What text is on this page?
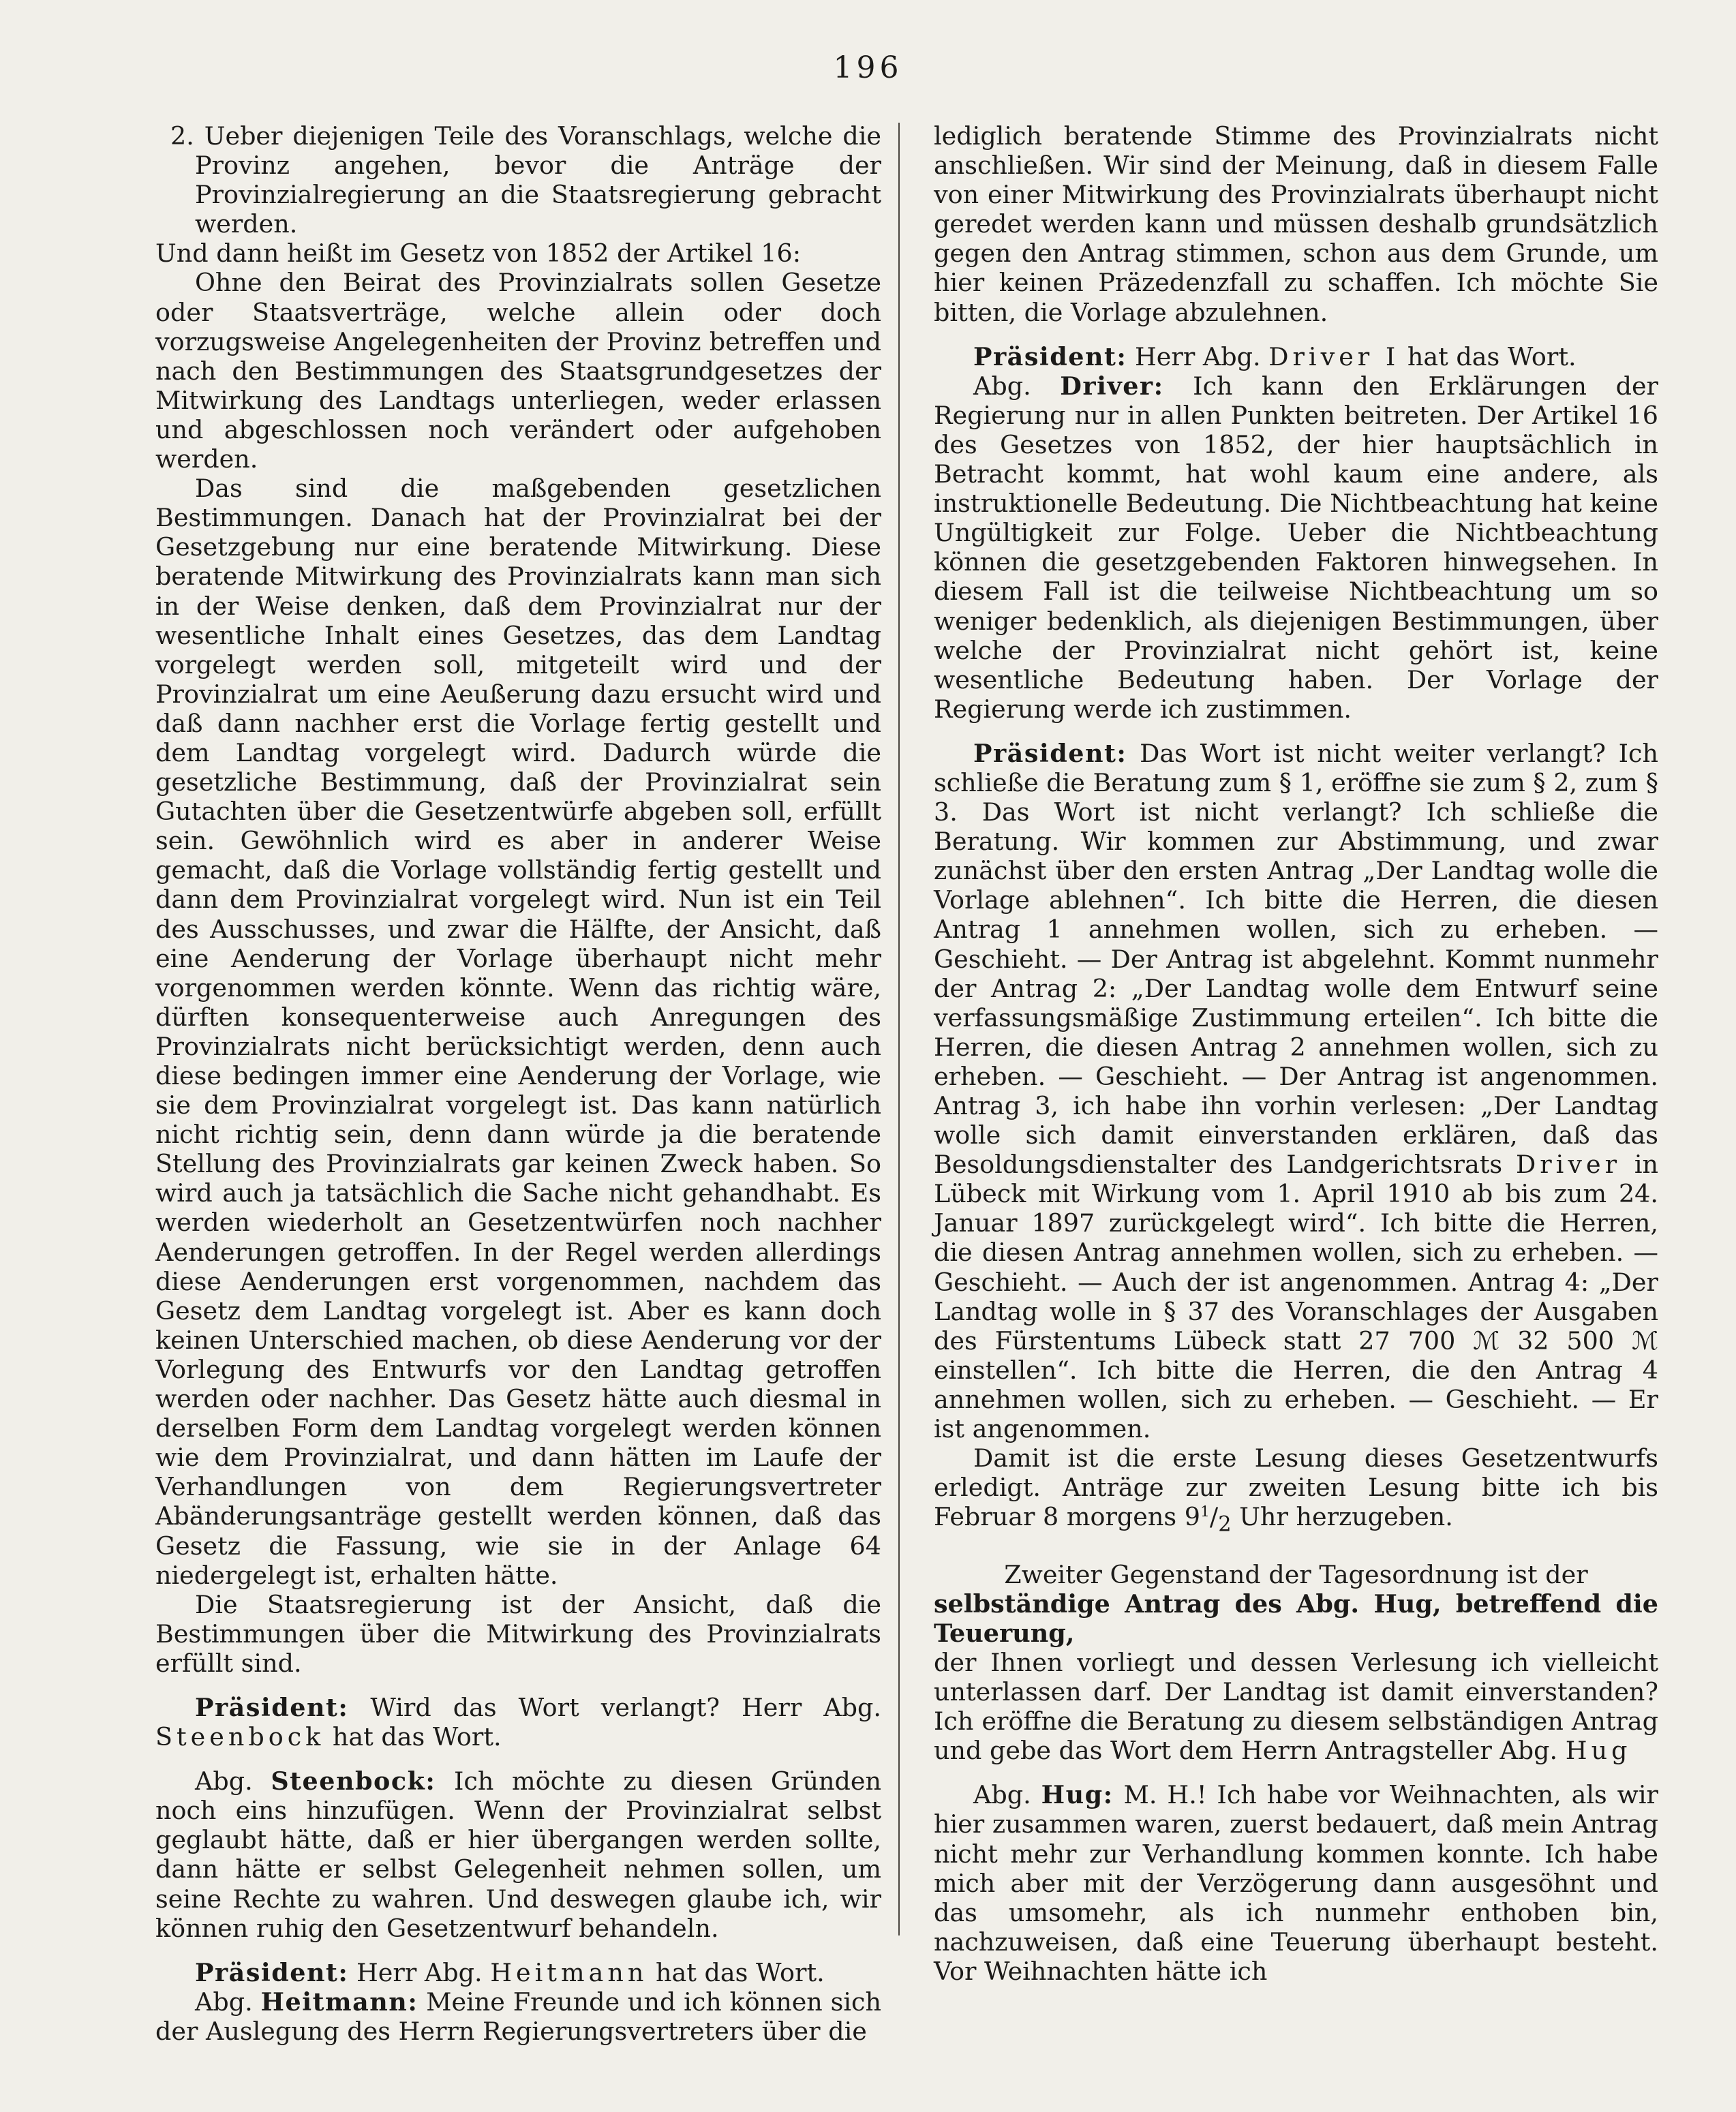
196

2. Ueber diejenigen Teile des Voranschlags, welche die Provinz angehen, bevor die Anträge der Provinzialregierung an die Staatsregierung gebracht werden.

Und dann heißt im Gesetz von 1852 der Artikel 16:

Ohne den Beirat des Provinzialrats sollen Gesetze oder Staatsverträge, welche allein oder doch vorzugsweise Angelegenheiten der Provinz betreffen und nach den Bestimmungen des Staatsgrundgesetzes der Mitwirkung des Landtags unterliegen, weder erlassen und abgeschlossen noch verändert oder aufgehoben werden.

Das sind die maßgebenden gesetzlichen Bestimmungen. Danach hat der Provinzialrat bei der Gesetzgebung nur eine beratende Mitwirkung. Diese beratende Mitwirkung des Provinzialrats kann man sich in der Weise denken, daß dem Provinzialrat nur der wesentliche Inhalt eines Gesetzes, das dem Landtag vorgelegt werden soll, mitgeteilt wird und der Provinzialrat um eine Aeußerung dazu ersucht wird und daß dann nachher erst die Vorlage fertig gestellt und dem Landtag vorgelegt wird. Dadurch würde die gesetzliche Bestimmung, daß der Provinzialrat sein Gutachten über die Gesetzentwürfe abgeben soll, erfüllt sein. Gewöhnlich wird es aber in anderer Weise gemacht, daß die Vorlage vollständig fertig gestellt und dann dem Provinzialrat vorgelegt wird. Nun ist ein Teil des Ausschusses, und zwar die Hälfte, der Ansicht, daß eine Aenderung der Vorlage überhaupt nicht mehr vorgenommen werden könnte. Wenn das richtig wäre, dürften konsequenterweise auch Anregungen des Provinzialrats nicht berücksichtigt werden, denn auch diese bedingen immer eine Aenderung der Vorlage, wie sie dem Provinzialrat vorgelegt ist. Das kann natürlich nicht richtig sein, denn dann würde ja die beratende Stellung des Provinzialrats gar keinen Zweck haben. So wird auch ja tatsächlich die Sache nicht gehandhabt. Es werden wiederholt an Gesetzentwürfen noch nachher Aenderungen getroffen. In der Regel werden allerdings diese Aenderungen erst vorgenommen, nachdem das Gesetz dem Landtag vorgelegt ist. Aber es kann doch keinen Unterschied machen, ob diese Aenderung vor der Vorlegung des Entwurfs vor den Landtag getroffen werden oder nachher. Das Gesetz hätte auch diesmal in derselben Form dem Landtag vorgelegt werden können wie dem Provinzialrat, und dann hätten im Laufe der Verhandlungen von dem Regierungsvertreter Abänderungsanträge gestellt werden können, daß das Gesetz die Fassung, wie sie in der Anlage 64 niedergelegt ist, erhalten hätte.

Die Staatsregierung ist der Ansicht, daß die Bestimmungen über die Mitwirkung des Provinzialrats erfüllt sind.

Präsident: Wird das Wort verlangt? Herr Abg. Steenbock hat das Wort.

Abg. Steenbock: Ich möchte zu diesen Gründen noch eins hinzufügen. Wenn der Provinzialrat selbst geglaubt hätte, daß er hier übergangen werden sollte, dann hätte er selbst Gelegenheit nehmen sollen, um seine Rechte zu wahren. Und deswegen glaube ich, wir können ruhig den Gesetzentwurf behandeln.

Präsident: Herr Abg. Heitmann hat das Wort.

Abg. Heitmann: Meine Freunde und ich können sich der Auslegung des Herrn Regierungsvertreters über die

lediglich beratende Stimme des Provinzialrats nicht anschließen. Wir sind der Meinung, daß in diesem Falle von einer Mitwirkung des Provinzialrats überhaupt nicht geredet werden kann und müssen deshalb grundsätzlich gegen den Antrag stimmen, schon aus dem Grunde, um hier keinen Präzedenzfall zu schaffen. Ich möchte Sie bitten, die Vorlage abzulehnen.

Präsident: Herr Abg. Driver I hat das Wort.

Abg. Driver: Ich kann den Erklärungen der Regierung nur in allen Punkten beitreten. Der Artikel 16 des Gesetzes von 1852, der hier hauptsächlich in Betracht kommt, hat wohl kaum eine andere, als instruktionelle Bedeutung. Die Nichtbeachtung hat keine Ungültigkeit zur Folge. Ueber die Nichtbeachtung können die gesetzgebenden Faktoren hinwegsehen. In diesem Fall ist die teilweise Nichtbeachtung um so weniger bedenklich, als diejenigen Bestimmungen, über welche der Provinzialrat nicht gehört ist, keine wesentliche Bedeutung haben. Der Vorlage der Regierung werde ich zustimmen.

Präsident: Das Wort ist nicht weiter verlangt? Ich schließe die Beratung zum § 1, eröffne sie zum § 2, zum § 3. Das Wort ist nicht verlangt? Ich schließe die Beratung. Wir kommen zur Abstimmung, und zwar zunächst über den ersten Antrag „Der Landtag wolle die Vorlage ablehnen“. Ich bitte die Herren, die diesen Antrag 1 annehmen wollen, sich zu erheben. — Geschieht. — Der Antrag ist abgelehnt. Kommt nunmehr der Antrag 2: „Der Landtag wolle dem Entwurf seine verfassungsmäßige Zustimmung erteilen“. Ich bitte die Herren, die diesen Antrag 2 annehmen wollen, sich zu erheben. — Geschieht. — Der Antrag ist angenommen. Antrag 3, ich habe ihn vorhin verlesen: „Der Landtag wolle sich damit einverstanden erklären, daß das Besoldungsdienstalter des Landgerichtsrats Driver in Lübeck mit Wirkung vom 1. April 1910 ab bis zum 24. Januar 1897 zurückgelegt wird“. Ich bitte die Herren, die diesen Antrag annehmen wollen, sich zu erheben. — Geschieht. — Auch der ist angenommen. Antrag 4: „Der Landtag wolle in § 37 des Voranschlages der Ausgaben des Fürstentums Lübeck statt 27 700 ℳ 32 500 ℳ einstellen“. Ich bitte die Herren, die den Antrag 4 annehmen wollen, sich zu erheben. — Geschieht. — Er ist angenommen.

Damit ist die erste Lesung dieses Gesetzentwurfs erledigt. Anträge zur zweiten Lesung bitte ich bis Februar 8 morgens $9^1/_2$ Uhr herzugeben.

Zweiter Gegenstand der Tagesordnung ist der

selbständige Antrag des Abg. Hug, betreffend die Teuerung,

der Ihnen vorliegt und dessen Verlesung ich vielleicht unterlassen darf. Der Landtag ist damit einverstanden? Ich eröffne die Beratung zu diesem selbständigen Antrag und gebe das Wort dem Herrn Antragsteller Abg. Hug

Abg. Hug: M. H.! Ich habe vor Weihnachten, als wir hier zusammen waren, zuerst bedauert, daß mein Antrag nicht mehr zur Verhandlung kommen konnte. Ich habe mich aber mit der Verzögerung dann ausgesöhnt und das umsomehr, als ich nunmehr enthoben bin, nachzuweisen, daß eine Teuerung überhaupt besteht. Vor Weihnachten hätte ich
